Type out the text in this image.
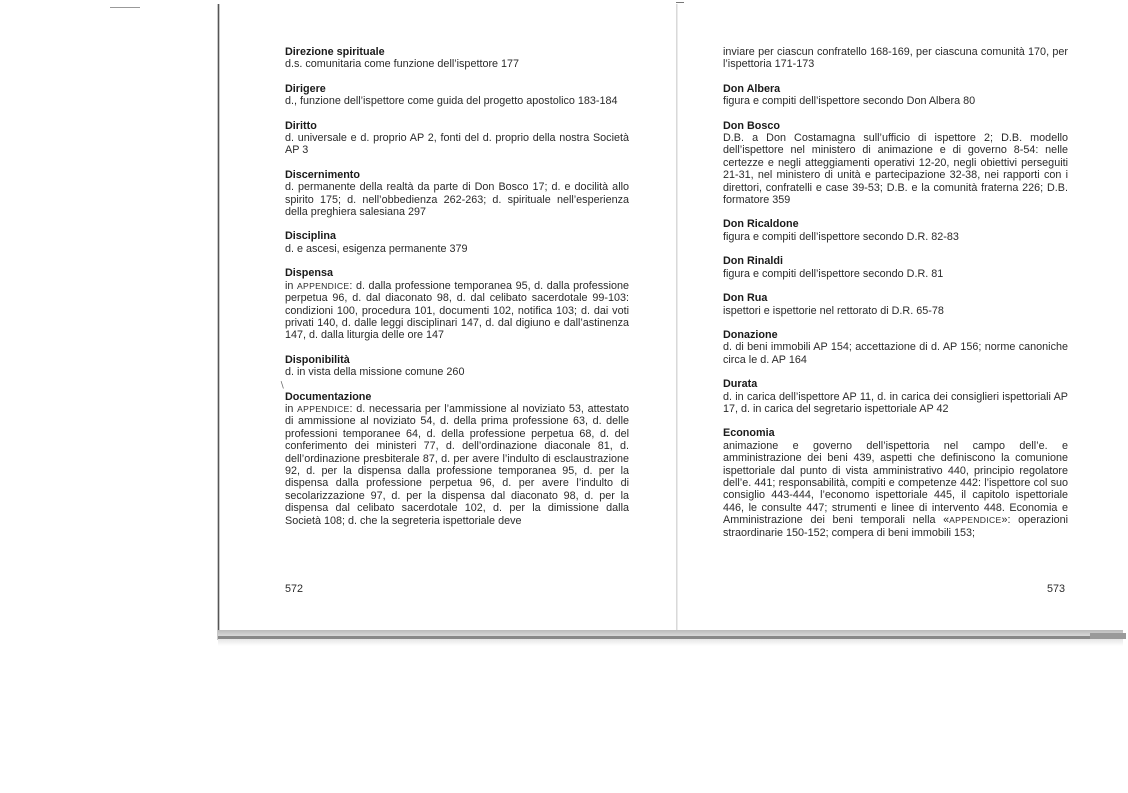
Direzione spirituale

d.s. comunitaria come funzione dell’ispettore 177

Dirigere

d., funzione dell’ispettore come guida del progetto apostolico 183-184

Diritto

d. universale e d. proprio AP 2, fonti del d. proprio della nostra Società AP 3

Discernimento

d. permanente della realtà da parte di Don Bosco 17; d. e docilità allo spirito 175; d. nell’obbedienza 262-263; d. spirituale nell’esperienza della preghiera salesiana 297

Disciplina

d. e ascesi, esigenza permanente 379

Dispensa

in APPENDICE: d. dalla professione temporanea 95, d. dalla professione perpetua 96, d. dal diaconato 98, d. dal celibato sacerdotale 99-103: condizioni 100, procedura 101, documenti 102, notifica 103; d. dai voti privati 140, d. dalle leggi disciplinari 147, d. dal digiuno e dall’astinenza 147, d. dalla liturgia delle ore 147

Disponibilità

d. in vista della missione comune 260

Documentazione

in APPENDICE: d. necessaria per l’ammissione al noviziato 53, attestato di ammissione al noviziato 54, d. della prima professione 63, d. delle professioni temporanee 64, d. della professione perpetua 68, d. del conferimento dei ministeri 77, d. dell’ordinazione diaconale 81, d. dell’ordinazione presbiterale 87, d. per avere l’indulto di esclaustrazione 92, d. per la dispensa dalla professione temporanea 95, d. per la dispensa dalla professione perpetua 96, d. per avere l’indulto di secolarizzazione 97, d. per la dispensa dal diaconato 98, d. per la dispensa dal celibato sacerdotale 102, d. per la dimissione dalla Società 108; d. che la segreteria ispettoriale deve

∖
572

inviare per ciascun confratello 168-169, per ciascuna comunità 170, per l’ispettoria 171-173

Don Albera

figura e compiti dell’ispettore secondo Don Albera 80

Don Bosco

D.B. a Don Costamagna sull’ufficio di ispettore 2; D.B. modello dell’ispettore nel ministero di animazione e di governo 8-54: nelle certezze e negli atteggiamenti operativi 12-20, negli obiettivi perseguiti 21-31, nel ministero di unità e partecipazione 32-38, nei rapporti con i direttori, confratelli e case 39-53; D.B. e la comunità fraterna 226; D.B. formatore 359

Don Ricaldone

figura e compiti dell’ispettore secondo D.R. 82-83

Don Rinaldi

figura e compiti dell’ispettore secondo D.R. 81

Don Rua

ispettori e ispettorie nel rettorato di D.R. 65-78

Donazione

d. di beni immobili AP 154; accettazione di d. AP 156; norme canoniche circa le d. AP 164

Durata

d. in carica dell’ispettore AP 11, d. in carica dei consiglieri ispettoriali AP 17, d. in carica del segretario ispettoriale AP 42

Economia

animazione e governo dell’ispettoria nel campo dell’e. e amministrazione dei beni 439, aspetti che definiscono la comunione ispettoriale dal punto di vista amministrativo 440, principio regolatore dell’e. 441; responsabilità, compiti e competenze 442: l’ispettore col suo consiglio 443-444, l’economo ispettoriale 445, il capitolo ispettoriale 446, le consulte 447; strumenti e linee di intervento 448. Economia e Amministrazione dei beni temporali nella «APPENDICE»: operazioni straordinarie 150-152; compera di beni immobili 153;

573
